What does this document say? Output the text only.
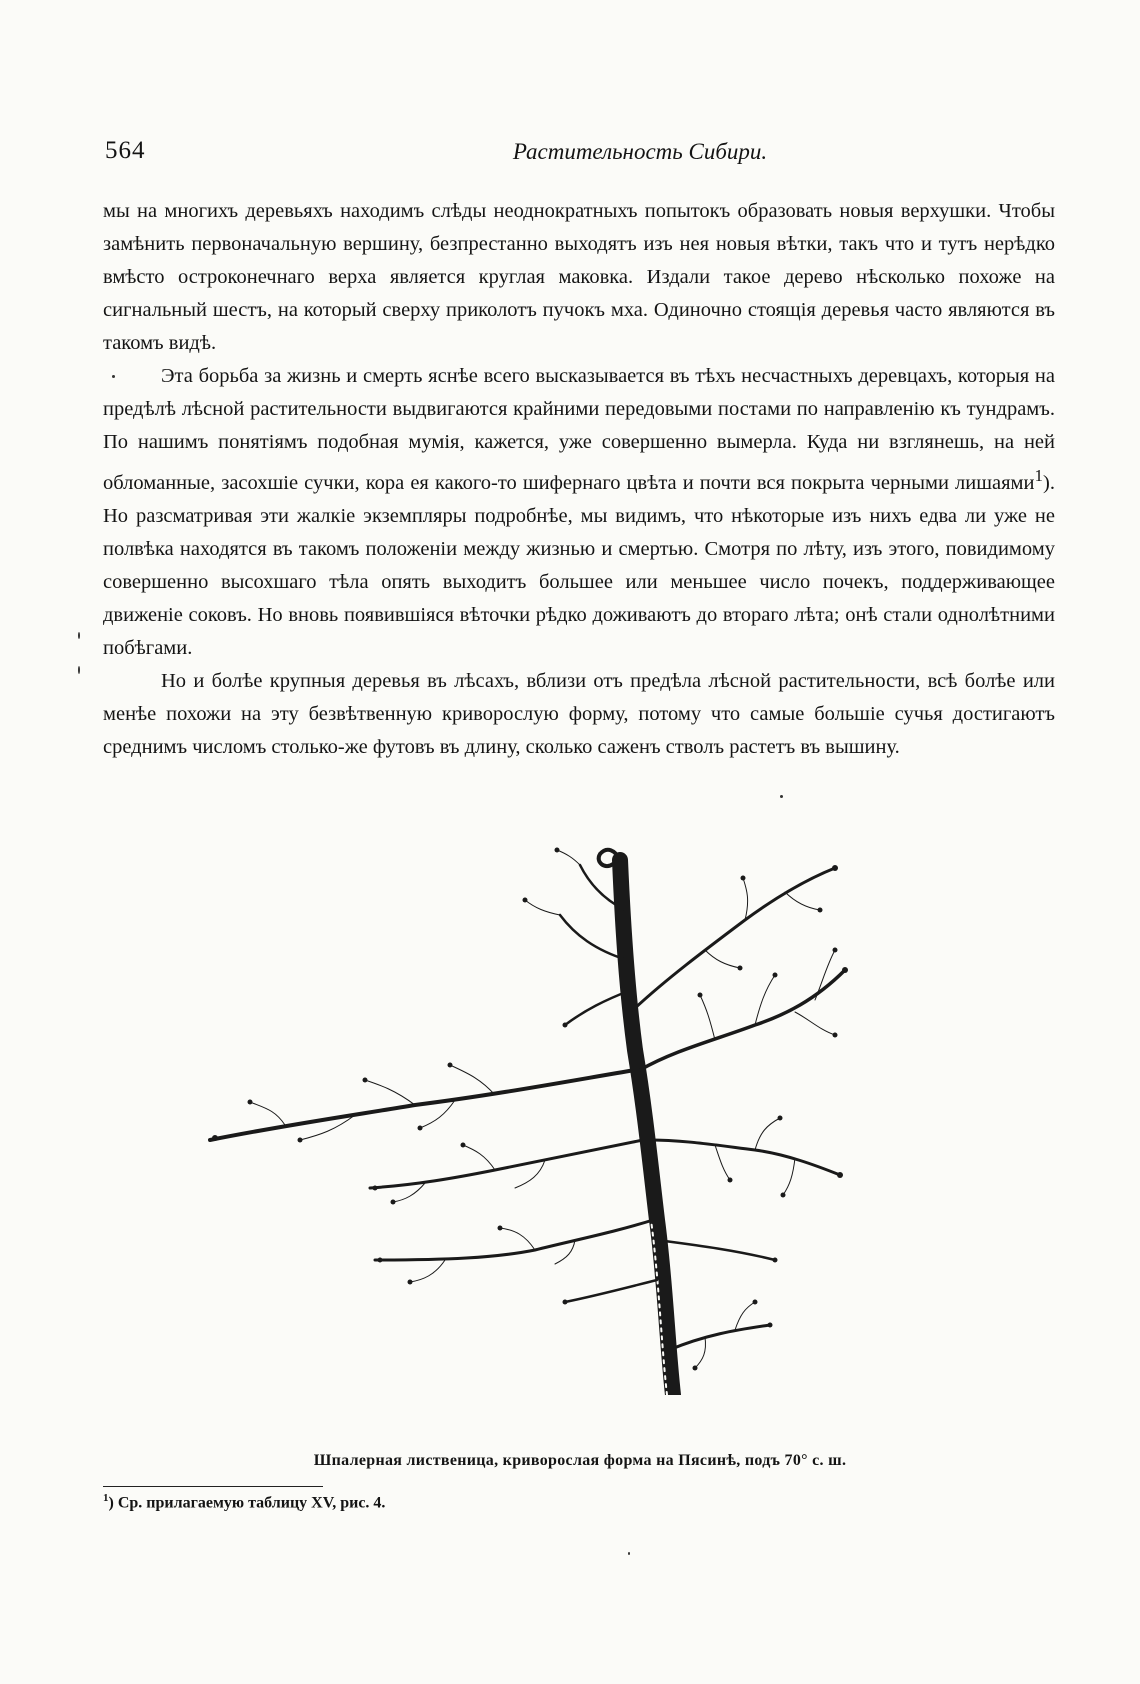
564	Растительность Сибири.

мы на многихъ деревьяхъ находимъ слѣды неоднократныхъ попытокъ образовать новыя верхушки. Чтобы замѣнить первоначальную вершину, безпрестанно выходятъ изъ нея новыя вѣтки, такъ что и тутъ нерѣдко вмѣсто остроконечнаго верха является круглая маковка. Издали такое дерево нѣсколько похоже на сигнальный шестъ, на который сверху приколотъ пучокъ мха. Одиночно стоящія деревья часто являются въ такомъ видѣ.

Эта борьба за жизнь и смерть яснѣе всего высказывается въ тѣхъ несчастныхъ деревцахъ, которыя на предѣлѣ лѣсной растительности выдвигаются крайними передовыми постами по направленію къ тундрамъ. По нашимъ понятіямъ подобная мумія, кажется, уже совершенно вымерла. Куда ни взглянешь, на ней обломанные, засохшіе сучки, кора ея какого-то шифернаго цвѣта и почти вся покрыта черными лишаями$^1$). Но разсматривая эти жалкіе экземпляры подробнѣе, мы видимъ, что нѣкоторые изъ нихъ едва ли уже не полвѣка находятся въ такомъ положеніи между жизнью и смертью. Смотря по лѣту, изъ этого, повидимому совершенно высохшаго тѣла опять выходитъ большее или меньшее число почекъ, поддерживающее движеніе соковъ. Но вновь появившіяся вѣточки рѣдко доживаютъ до втораго лѣта; онѣ стали однолѣтними побѣгами.

Но и болѣе крупныя деревья въ лѣсахъ, вблизи отъ предѣла лѣсной растительности, всѣ болѣе или менѣе похожи на эту безвѣтвенную криворослую форму, потому что самые большіе сучья достигаютъ среднимъ числомъ столько-же футовъ въ длину, сколько саженъ стволъ растетъ въ вышину.

Шпалерная лиственица, криворослая форма на Пясинѣ, подъ 70° с. ш.
$^1$) Ср. прилагаемую таблицу XV, рис. 4.
